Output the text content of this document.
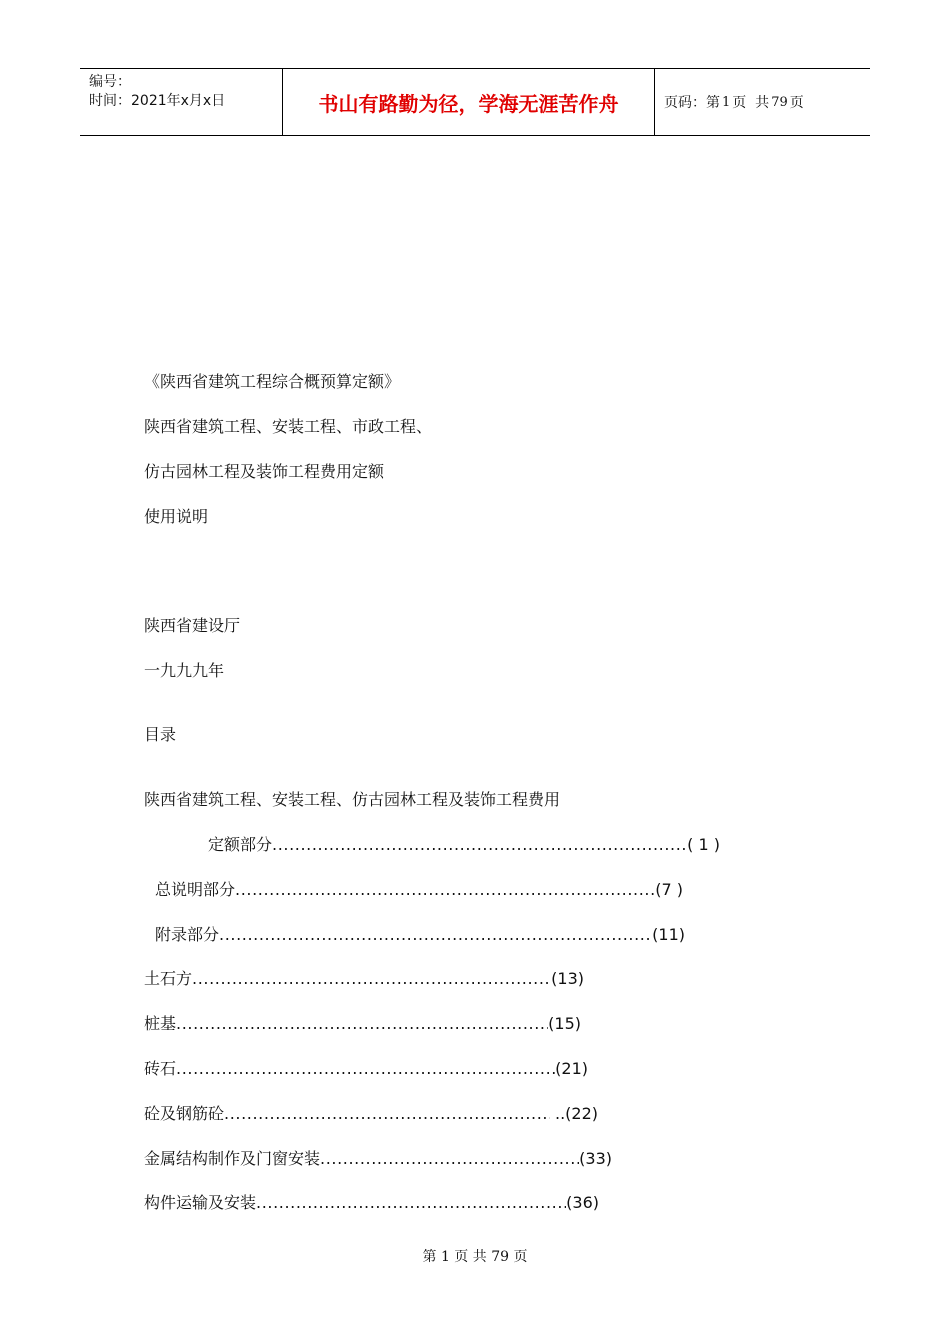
编号：
时间：2021年x月x日	书山有路勤为径，学海无涯苦作舟	页码：第 1 页  共 79 页
《陕西省建筑工程综合概预算定额》
陕西省建筑工程、安装工程、市政工程、
仿古园林工程及装饰工程费用定额
使用说明
陕西省建设厅
一九九九年
目录
陕西省建筑工程、安装工程、仿古园林工程及装饰工程费用
定额部分 .....	( 1 )
总说明部分 .....	(7 )
附录部分 .....	(11)
土石方 .....	(13)
桩基 .....	(15)
砖石 .....	(21)
砼及钢筋砼 .....	..(22)
金属结构制作及门窗安装 .....	(33)
构件运输及安装 .....	(36)
第 1 页 共 79 页
